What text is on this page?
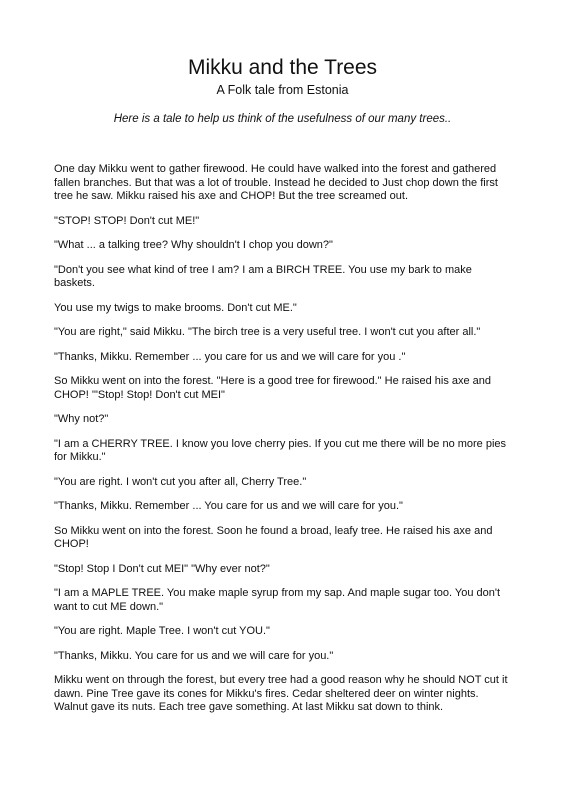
Mikku and the Trees
A Folk tale from Estonia
Here is a tale to help us think of the usefulness of our many trees..

One day Mikku went to gather firewood. He could have walked into the forest and gathered fallen branches. But that was a lot of trouble. Instead he decided to Just chop down the first tree he saw. Mikku raised his axe and CHOP! But the tree screamed out.

"STOP! STOP! Don't cut ME!"

"What ... a talking tree? Why shouldn't I chop you down?"

"Don't you see what kind of tree I am? I am a BIRCH TREE. You use my bark to make baskets.

You use my twigs to make brooms. Don't cut ME."

"You are right," said Mikku. "The birch tree is a very useful tree. I won't cut you after all."

"Thanks, Mikku. Remember ... you care for us and we will care for you ."

So Mikku went on into the forest. "Here is a good tree for firewood." He raised his axe and CHOP! '"Stop! Stop! Don't cut MEI"

"Why not?"

"I am a CHERRY TREE. I know you love cherry pies. If you cut me there will be no more pies for Mikku."

"You are right. I won't cut you after all, Cherry Tree."

"Thanks, Mikku. Remember ... You care for us and we will care for you."

So Mikku went on into the forest. Soon he found a broad, leafy tree. He raised his axe and CHOP!

"Stop! Stop I Don't cut MEI" "Why ever not?"

"I am a MAPLE TREE. You make maple syrup from my sap. And maple sugar too. You don't want to cut ME down."

"You are right. Maple Tree. I won't cut YOU."

"Thanks, Mikku. You care for us and we will care for you."

Mikku went on through the forest, but every tree had a good reason why he should NOT cut it dawn. Pine Tree gave its cones for Mikku's fires. Cedar sheltered deer on winter nights. Walnut gave its nuts. Each tree gave something. At last Mikku sat down to think.
